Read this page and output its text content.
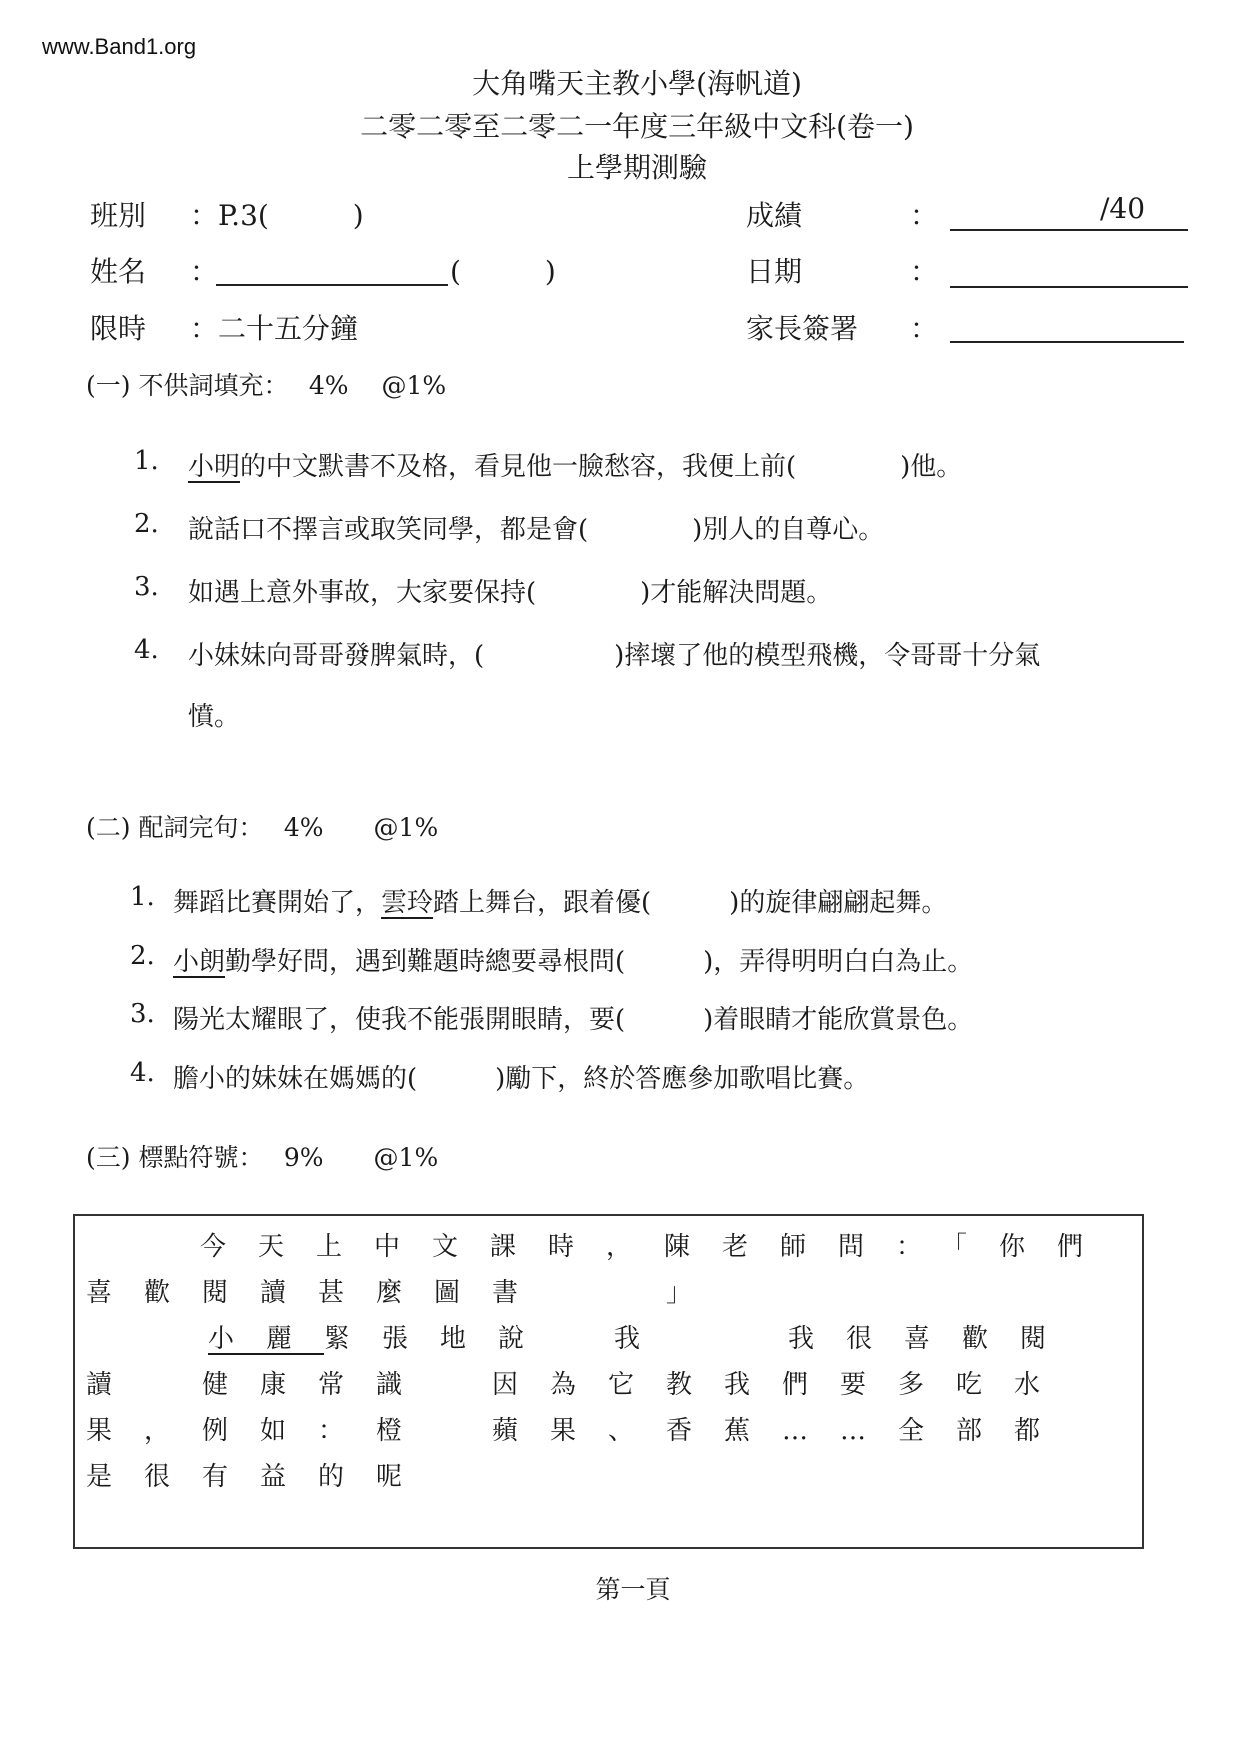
www.Band1.org
大角嘴天主教小學(海帆道)
二零二零至二零二一年度三年級中文科(卷一)
上學期測驗
班別 ：P.3(　　　)
姓名 ：	(　　　)
限時 ：二十五分鐘
成績	：	/40
日期	：
家長簽署 ：
(一) 不供詞填充：　 4%　 @1%
1. 小明的中文默書不及格，看見他一臉愁容，我便上前(　　　　)他。
2. 說話口不擇言或取笑同學，都是會(　　　　)別人的自尊心。
3. 如遇上意外事故，大家要保持(　　　　)才能解決問題。
4. 小妹妹向哥哥發脾氣時，(　　　　　)摔壞了他的模型飛機，令哥哥十分氣
憤。
(二) 配詞完句：　 4%　　@1%
1. 舞蹈比賽開始了，雲玲踏上舞台，跟着優(　　　)的旋律翩翩起舞。
2. 小朗勤學好問，遇到難題時總要尋根問(　　　)，弄得明明白白為止。
3. 陽光太耀眼了，使我不能張開眼睛，要(　　　)着眼睛才能欣賞景色。
4. 膽小的妹妹在媽媽的(　　　)勵下，終於答應參加歌唱比賽。
(三) 標點符號：　 9%　　@1%
今天上中文課時，陳老師問：「你們
喜歡閱讀甚麼圖書　　」
小麗緊張地說　我　　我很喜歡閱
讀　健康常識　因為它教我們要多吃水
果，例如：橙　蘋果、香蕉……全部都
是很有益的呢
第一頁
